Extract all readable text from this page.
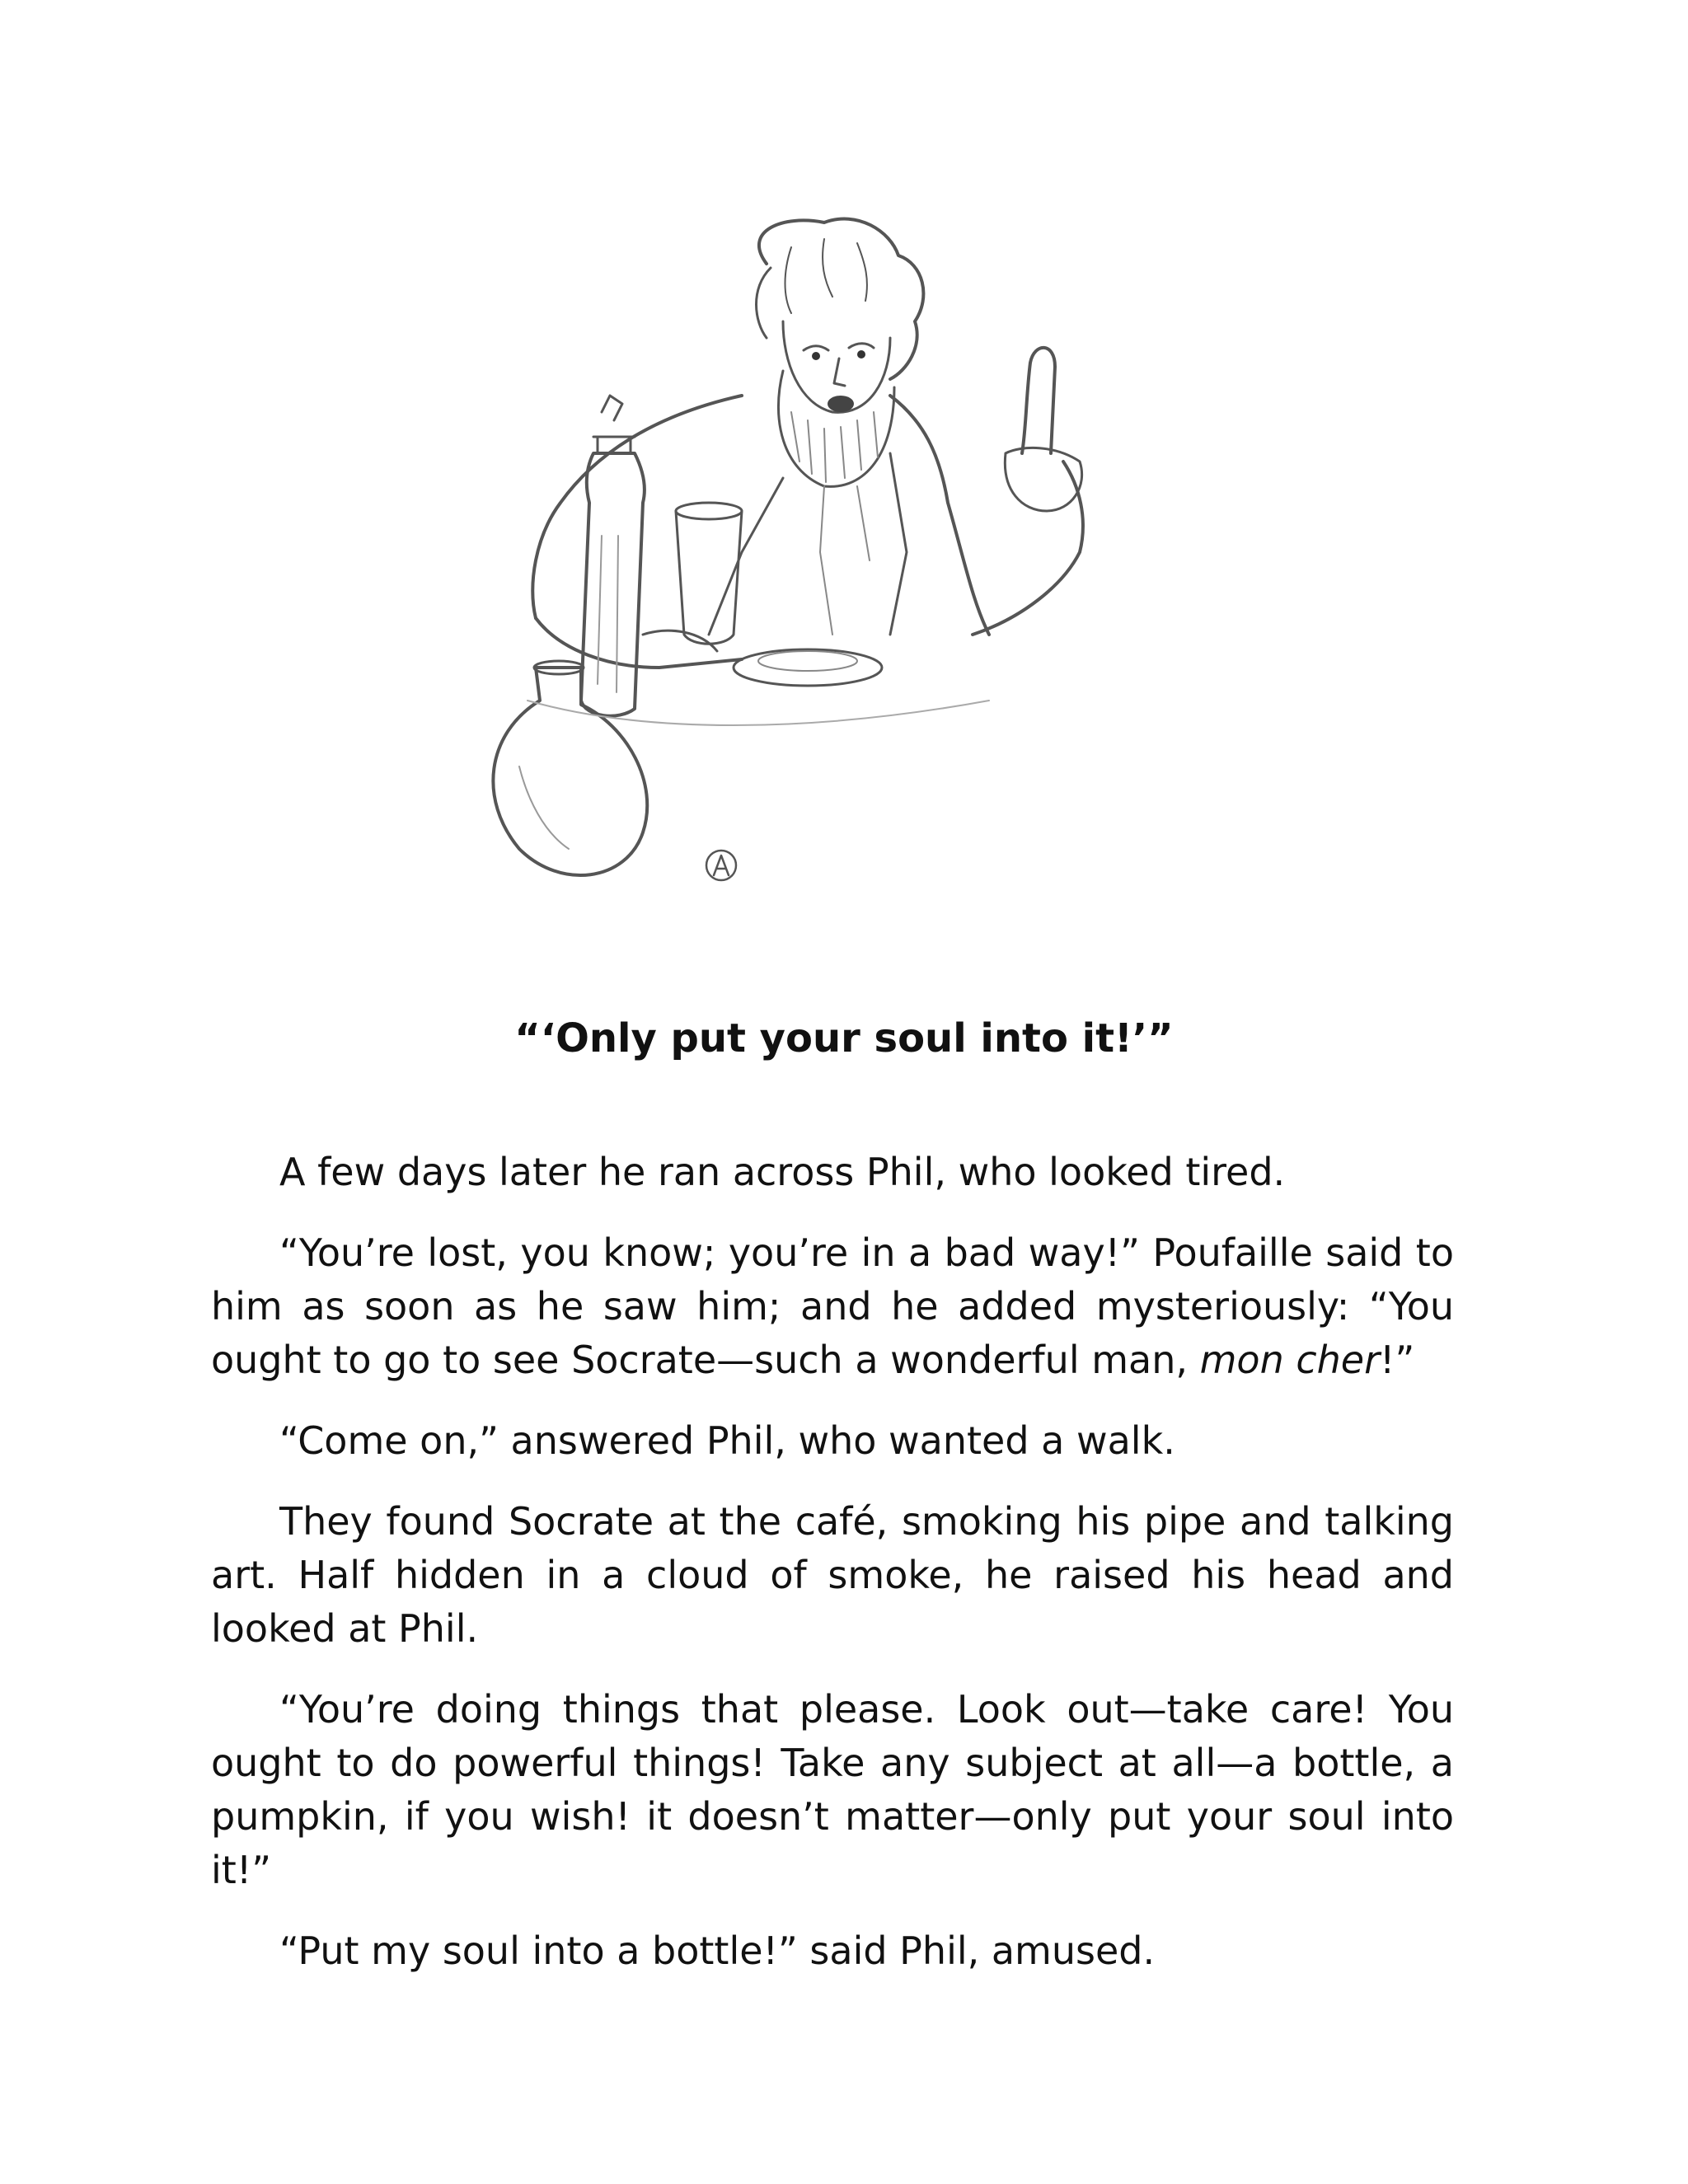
“‘Only put your soul into it!’”

A few days later he ran across Phil, who looked tired.

“You’re lost, you know; you’re in a bad way!” Poufaille said to him as soon as he saw him; and he added mysteriously: “You ought to go to see Socrate—such a wonderful man, mon cher!”

“Come on,” answered Phil, who wanted a walk.

They found Socrate at the café, smoking his pipe and talking art. Half hidden in a cloud of smoke, he raised his head and looked at Phil.

“You’re doing things that please. Look out—take care! You ought to do powerful things! Take any subject at all—a bottle, a pumpkin, if you wish! it doesn’t matter—only put your soul into it!”

“Put my soul into a bottle!” said Phil, amused.
